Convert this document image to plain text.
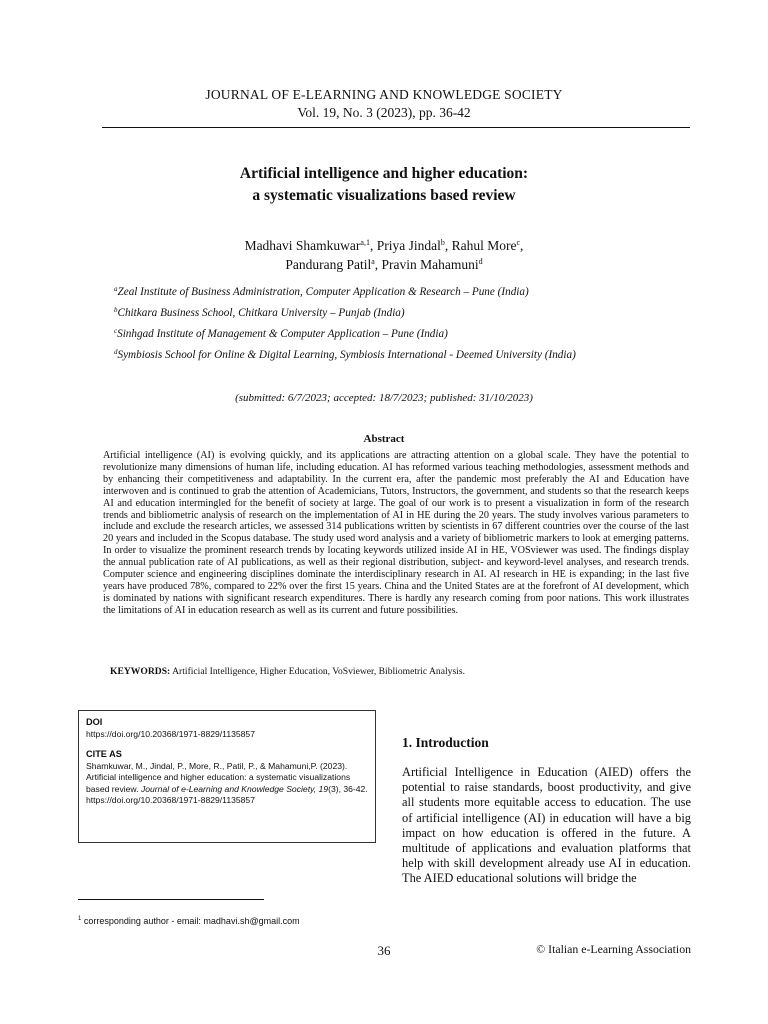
JOURNAL OF E-LEARNING AND KNOWLEDGE SOCIETY
Vol. 19, No. 3 (2023), pp. 36-42
Artificial intelligence and higher education:
a systematic visualizations based review
Madhavi Shamkuwar$^{a,1}$, Priya Jindal$^b$, Rahul More$^c$,
Pandurang Patil$^a$, Pravin Mahamuni$^d$
$^a$Zeal Institute of Business Administration, Computer Application & Research – Pune (India)
$^b$Chitkara Business School, Chitkara University – Punjab (India)
$^c$Sinhgad Institute of Management & Computer Application – Pune (India)
$^d$Symbiosis School for Online & Digital Learning, Symbiosis International - Deemed University (India)
(submitted: 6/7/2023; accepted: 18/7/2023; published: 31/10/2023)
Abstract
Artificial intelligence (AI) is evolving quickly, and its applications are attracting attention on a global scale. They have the potential to revolutionize many dimensions of human life, including education. AI has reformed various teaching methodologies, assessment methods and by enhancing their competitiveness and adaptability. In the current era, after the pandemic most preferably the AI and Education have interwoven and is continued to grab the attention of Academicians, Tutors, Instructors, the government, and students so that the research keeps AI and education intermingled for the benefit of society at large. The goal of our work is to present a visualization in form of the research trends and bibliometric analysis of research on the implementation of AI in HE during the 20 years. The study involves various parameters to include and exclude the research articles, we assessed 314 publications written by scientists in 67 different countries over the course of the last 20 years and included in the Scopus database. The study used word analysis and a variety of bibliometric markers to look at emerging patterns. In order to visualize the prominent research trends by locating keywords utilized inside AI in HE, VOSviewer was used. The findings display the annual publication rate of AI publications, as well as their regional distribution, subject- and keyword-level analyses, and research trends. Computer science and engineering disciplines dominate the interdisciplinary research in AI. AI research in HE is expanding; in the last five years have produced 78%, compared to 22% over the first 15 years. China and the United States are at the forefront of AI development, which is dominated by nations with significant research expenditures. There is hardly any research coming from poor nations. This work illustrates the limitations of AI in education research as well as its current and future possibilities.
KEYWORDS: Artificial Intelligence, Higher Education, VoSviewer, Bibliometric Analysis.
DOI
https://doi.org/10.20368/1971-8829/1135857
CITE AS
Shamkuwar, M., Jindal, P., More, R., Patil, P., & Mahamuni,P. (2023). Artificial intelligence and higher education: a systematic visualizations based review. Journal of e-Learning and Knowledge Society, 19(3), 36-42.
https://doi.org/10.20368/1971-8829/1135857
1. Introduction
Artificial Intelligence in Education (AIED) offers the potential to raise standards, boost productivity, and give all students more equitable access to education. The use of artificial intelligence (AI) in education will have a big impact on how education is offered in the future. A multitude of applications and evaluation platforms that help with skill development already use AI in education. The AIED educational solutions will bridge the
$^1$ corresponding author - email: madhavi.sh@gmail.com
36	© Italian e-Learning Association
